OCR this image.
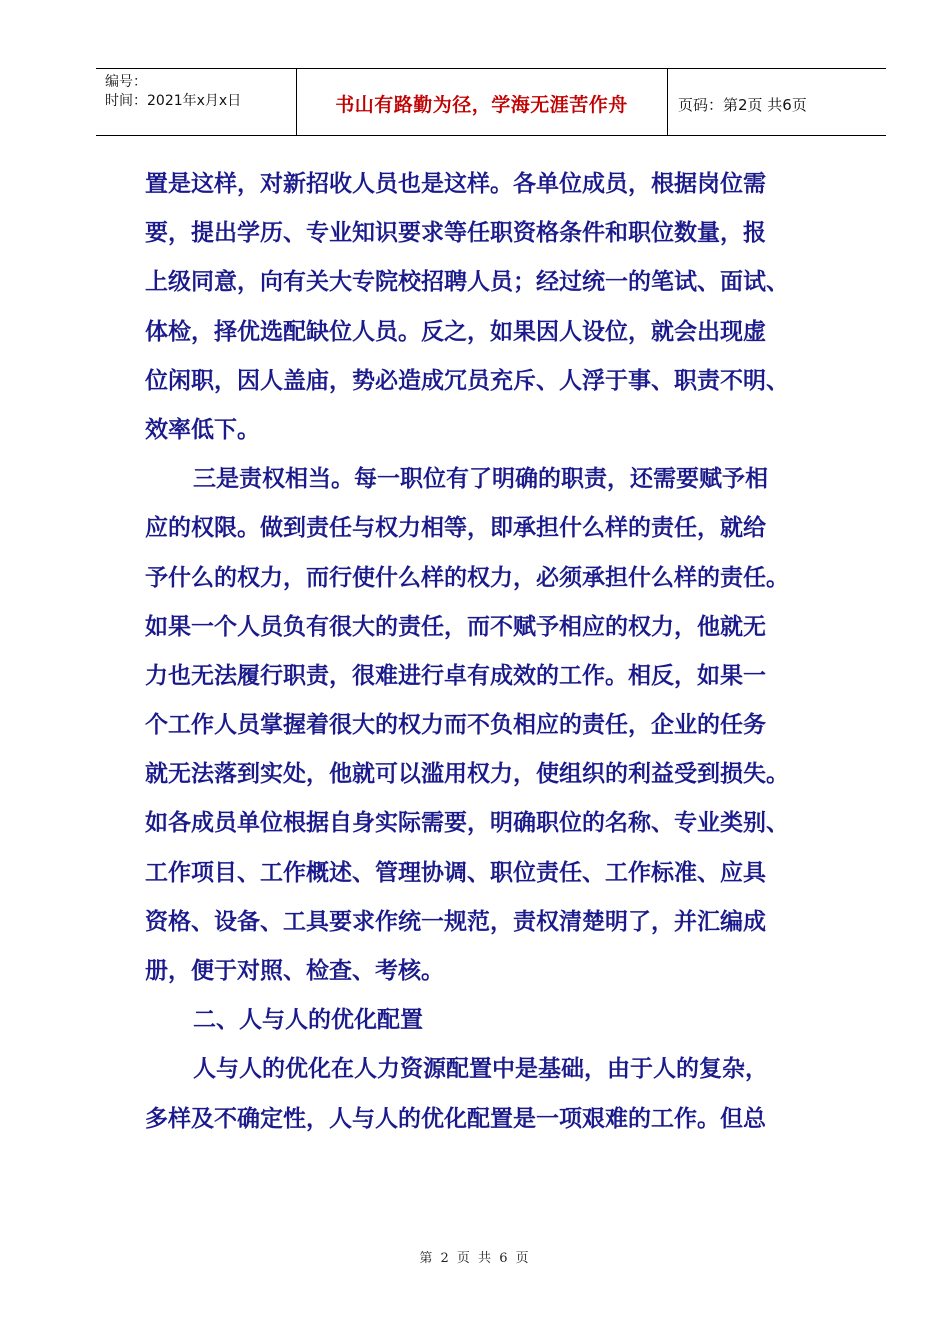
编号：
时间：2021年x月x日	书山有路勤为径，学海无涯苦作舟	页码：第2页 共6页
置是这样，对新招收人员也是这样。各单位成员，根据岗位需
要，提出学历、专业知识要求等任职资格条件和职位数量，报
上级同意，向有关大专院校招聘人员；经过统一的笔试、面试、
体检，择优选配缺位人员。反之，如果因人设位，就会出现虚
位闲职，因人盖庙，势必造成冗员充斥、人浮于事、职责不明、
效率低下。
三是责权相当。每一职位有了明确的职责，还需要赋予相
应的权限。做到责任与权力相等，即承担什么样的责任，就给
予什么的权力，而行使什么样的权力，必须承担什么样的责任。
如果一个人员负有很大的责任，而不赋予相应的权力，他就无
力也无法履行职责，很难进行卓有成效的工作。相反，如果一
个工作人员掌握着很大的权力而不负相应的责任，企业的任务
就无法落到实处，他就可以滥用权力，使组织的利益受到损失。
如各成员单位根据自身实际需要，明确职位的名称、专业类别、
工作项目、工作概述、管理协调、职位责任、工作标准、应具
资格、设备、工具要求作统一规范，责权清楚明了，并汇编成
册，便于对照、检查、考核。
二、人与人的优化配置
人与人的优化在人力资源配置中是基础，由于人的复杂，
多样及不确定性，人与人的优化配置是一项艰难的工作。但总
第 2 页 共 6 页
